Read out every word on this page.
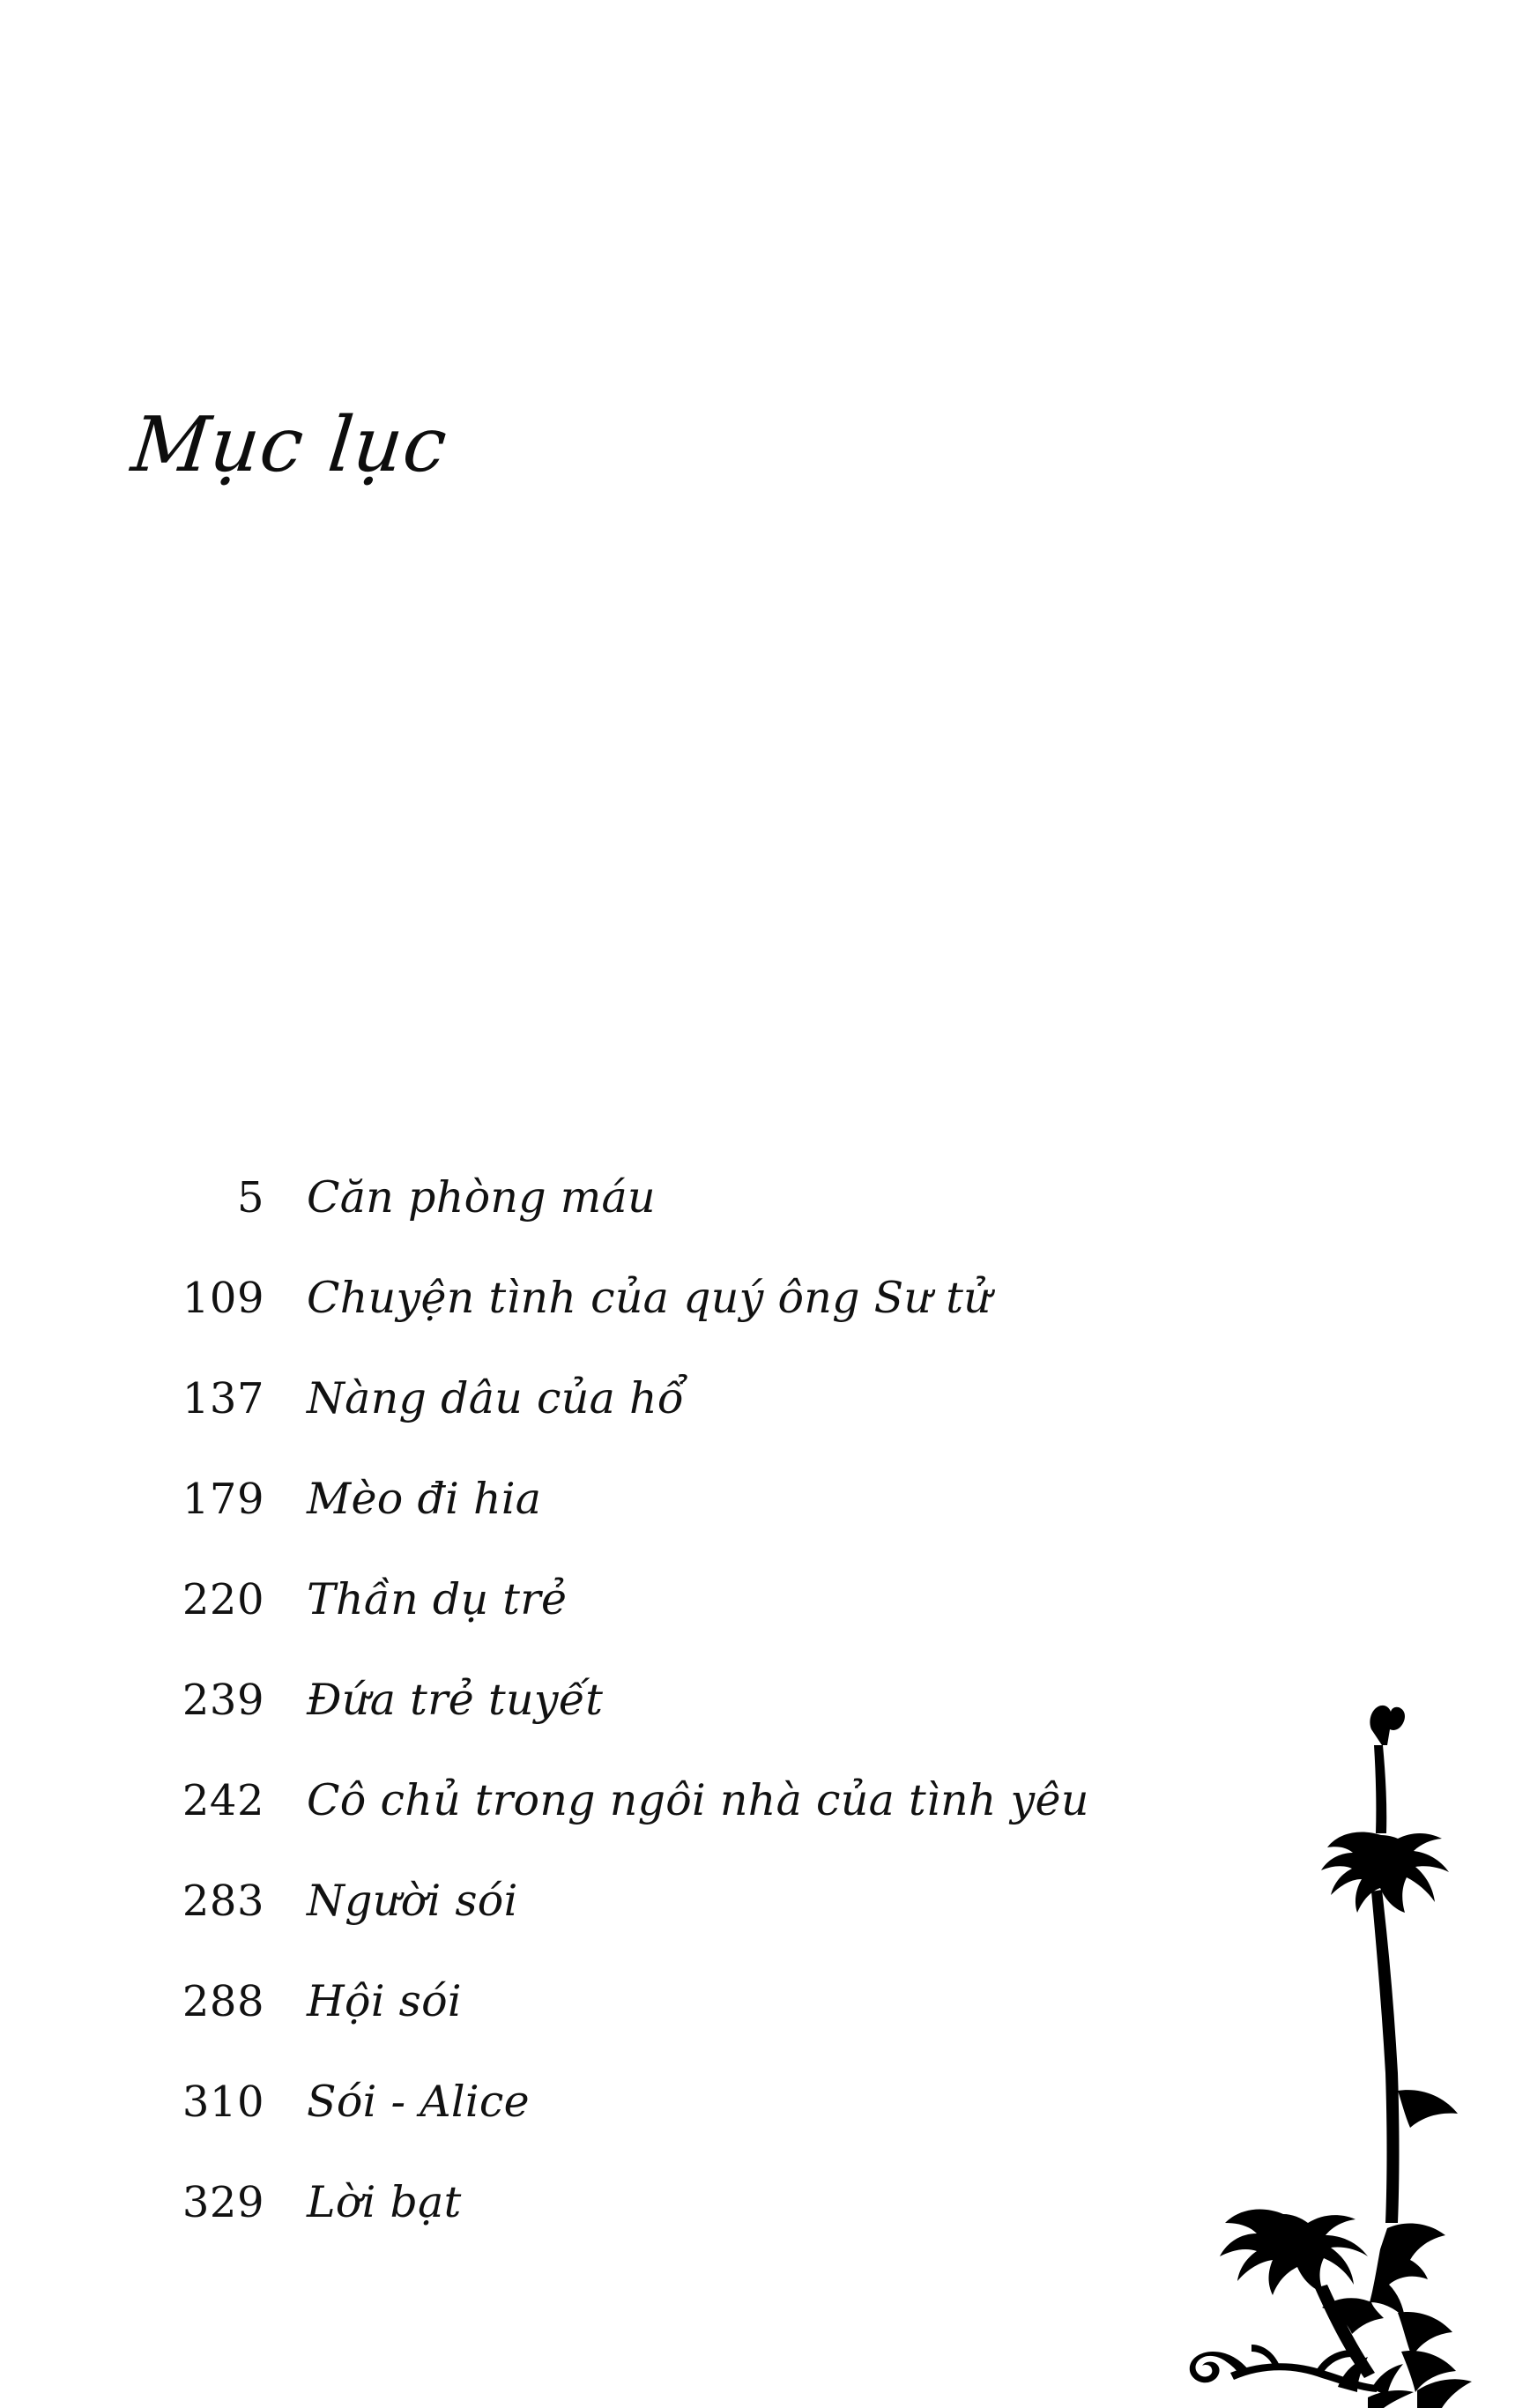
Mục lục
5 Căn phòng máu
109 Chuyện tình của quý ông Sư tử
137 Nàng dâu của hổ
179 Mèo đi hia
220 Thần dụ trẻ
239 Đứa trẻ tuyết
242 Cô chủ trong ngôi nhà của tình yêu
283 Người sói
288 Hội sói
310 Sói - Alice
329 Lời bạt
